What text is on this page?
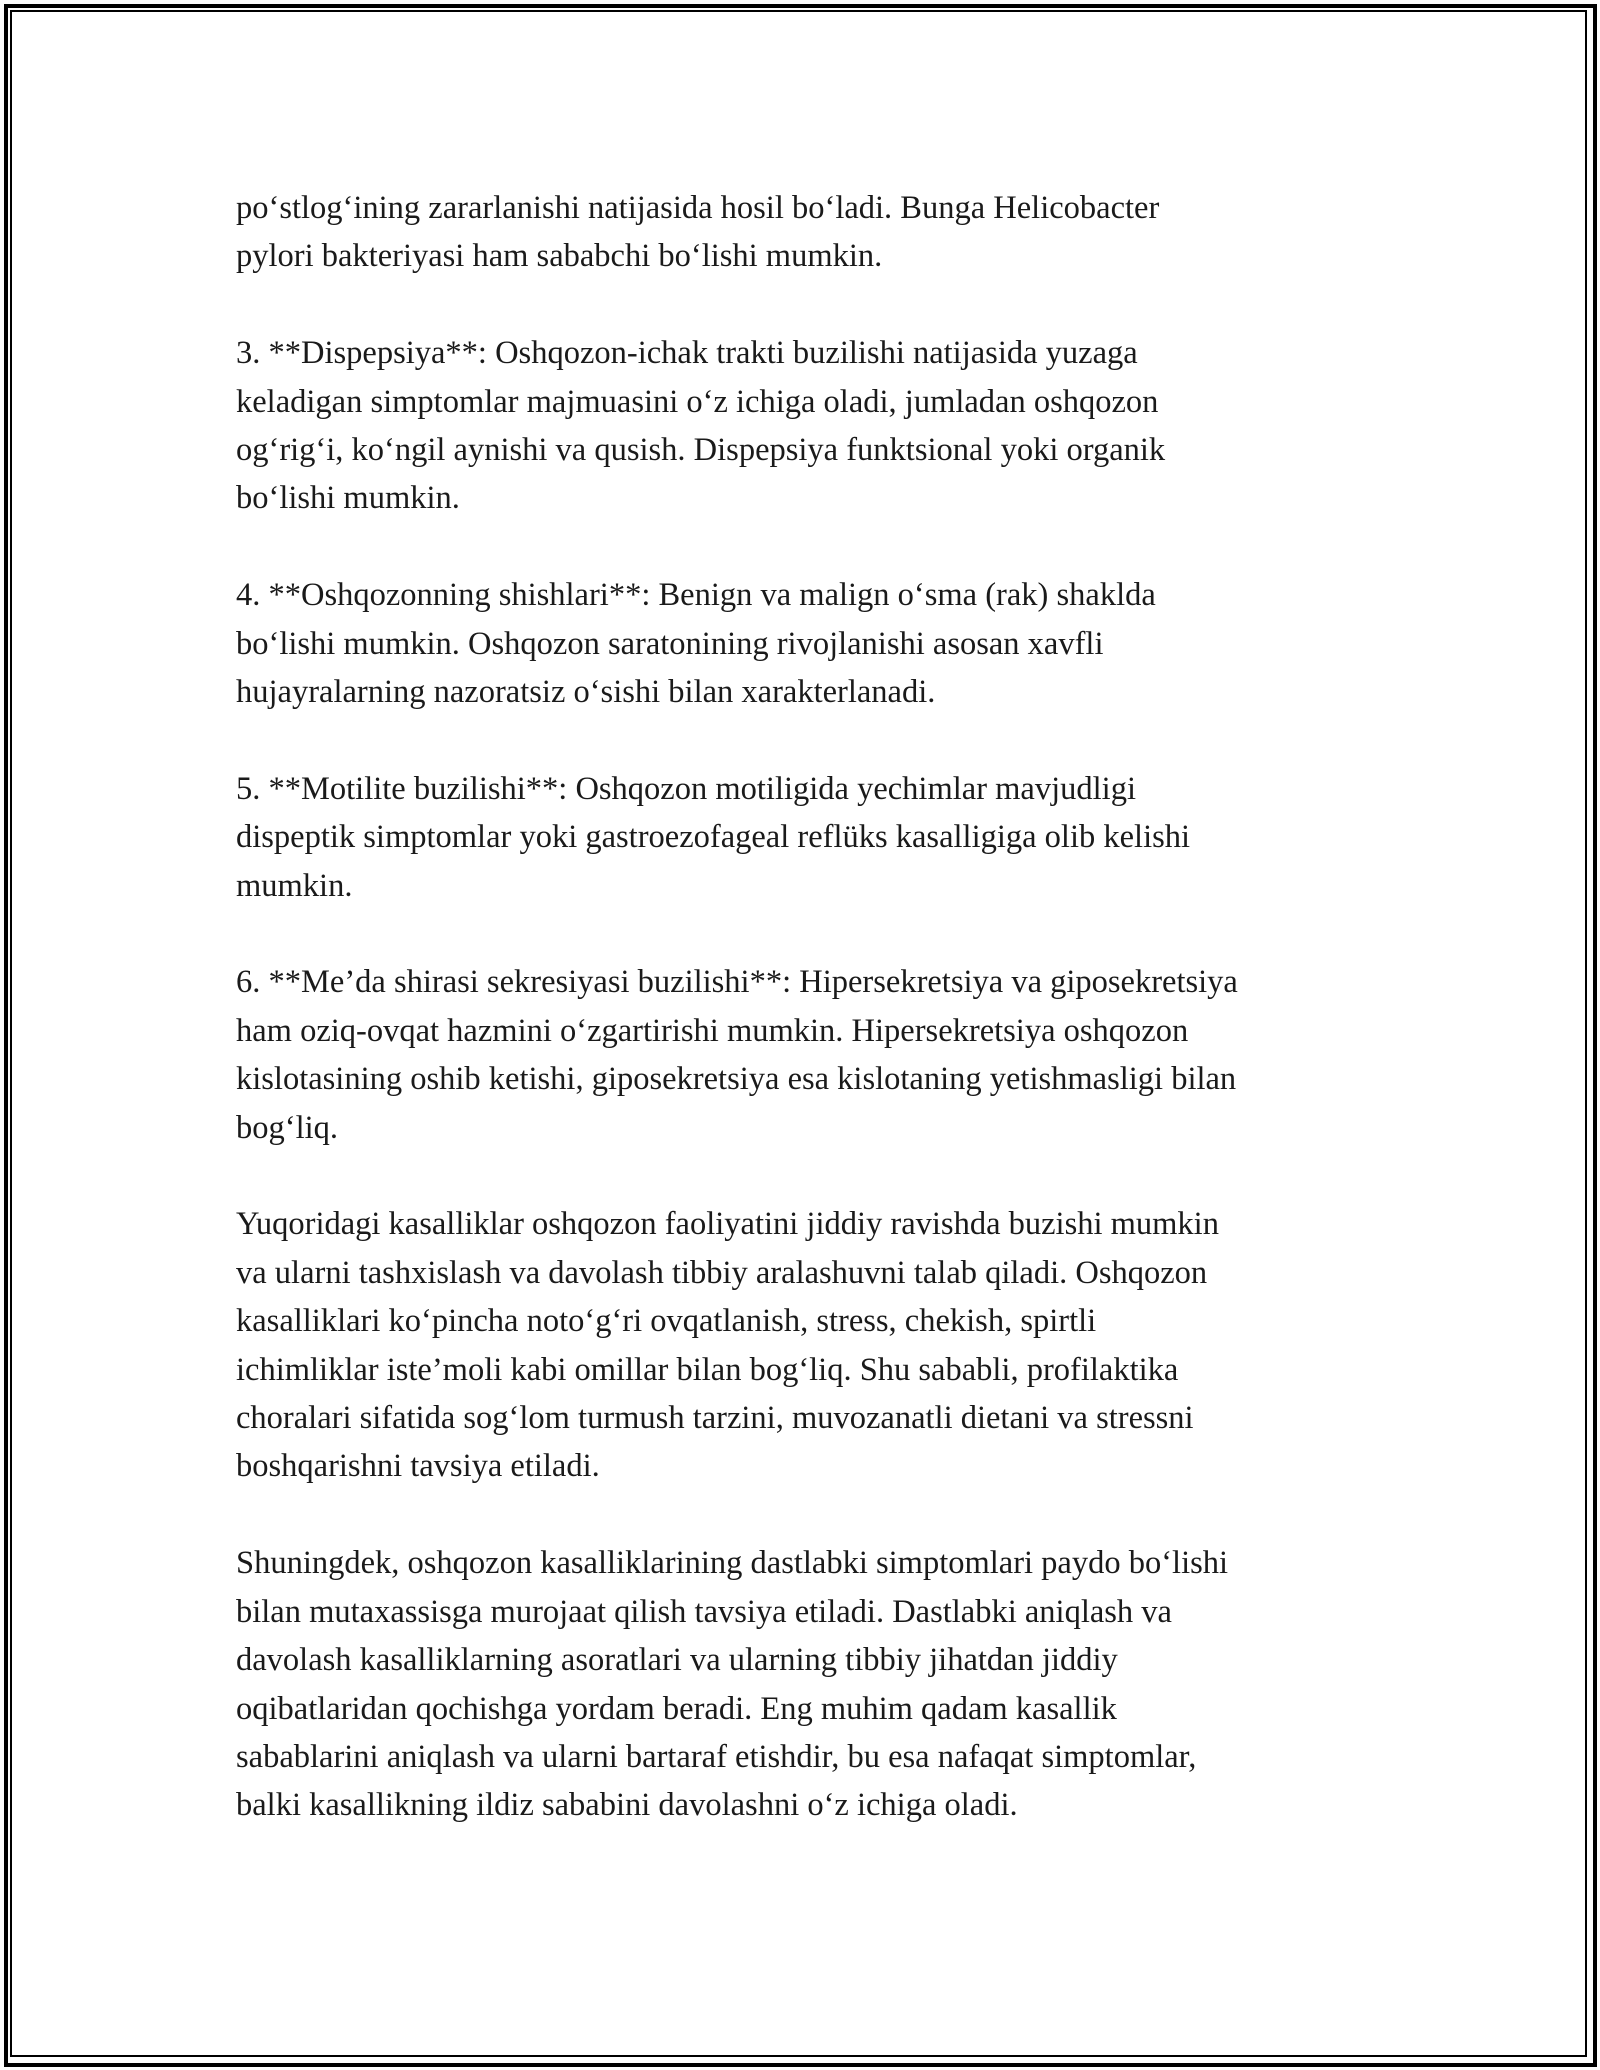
po‘stlog‘ining zararlanishi natijasida hosil bo‘ladi. Bunga Helicobacter
pylori bakteriyasi ham sababchi bo‘lishi mumkin.

3. **Dispepsiya**: Oshqozon-ichak trakti buzilishi natijasida yuzaga
keladigan simptomlar majmuasini o‘z ichiga oladi, jumladan oshqozon
og‘rig‘i, ko‘ngil aynishi va qusish. Dispepsiya funktsional yoki organik
bo‘lishi mumkin.

4. **Oshqozonning shishlari**: Benign va malign o‘sma (rak) shaklda
bo‘lishi mumkin. Oshqozon saratonining rivojlanishi asosan xavfli
hujayralarning nazoratsiz o‘sishi bilan xarakterlanadi.

5. **Motilite buzilishi**: Oshqozon motiligida yechimlar mavjudligi
dispeptik simptomlar yoki gastroezofageal reflüks kasalligiga olib kelishi
mumkin.

6. **Me’da shirasi sekresiyasi buzilishi**: Hipersekretsiya va giposekretsiya
ham oziq-ovqat hazmini o‘zgartirishi mumkin. Hipersekretsiya oshqozon
kislotasining oshib ketishi, giposekretsiya esa kislotaning yetishmasligi bilan
bog‘liq.

Yuqoridagi kasalliklar oshqozon faoliyatini jiddiy ravishda buzishi mumkin
va ularni tashxislash va davolash tibbiy aralashuvni talab qiladi. Oshqozon
kasalliklari ko‘pincha noto‘g‘ri ovqatlanish, stress, chekish, spirtli
ichimliklar iste’moli kabi omillar bilan bog‘liq. Shu sababli, profilaktika
choralari sifatida sog‘lom turmush tarzini, muvozanatli dietani va stressni
boshqarishni tavsiya etiladi.

Shuningdek, oshqozon kasalliklarining dastlabki simptomlari paydo bo‘lishi
bilan mutaxassisga murojaat qilish tavsiya etiladi. Dastlabki aniqlash va
davolash kasalliklarning asoratlari va ularning tibbiy jihatdan jiddiy
oqibatlaridan qochishga yordam beradi. Eng muhim qadam kasallik
sabablarini aniqlash va ularni bartaraf etishdir, bu esa nafaqat simptomlar,
balki kasallikning ildiz sababini davolashni o‘z ichiga oladi.
